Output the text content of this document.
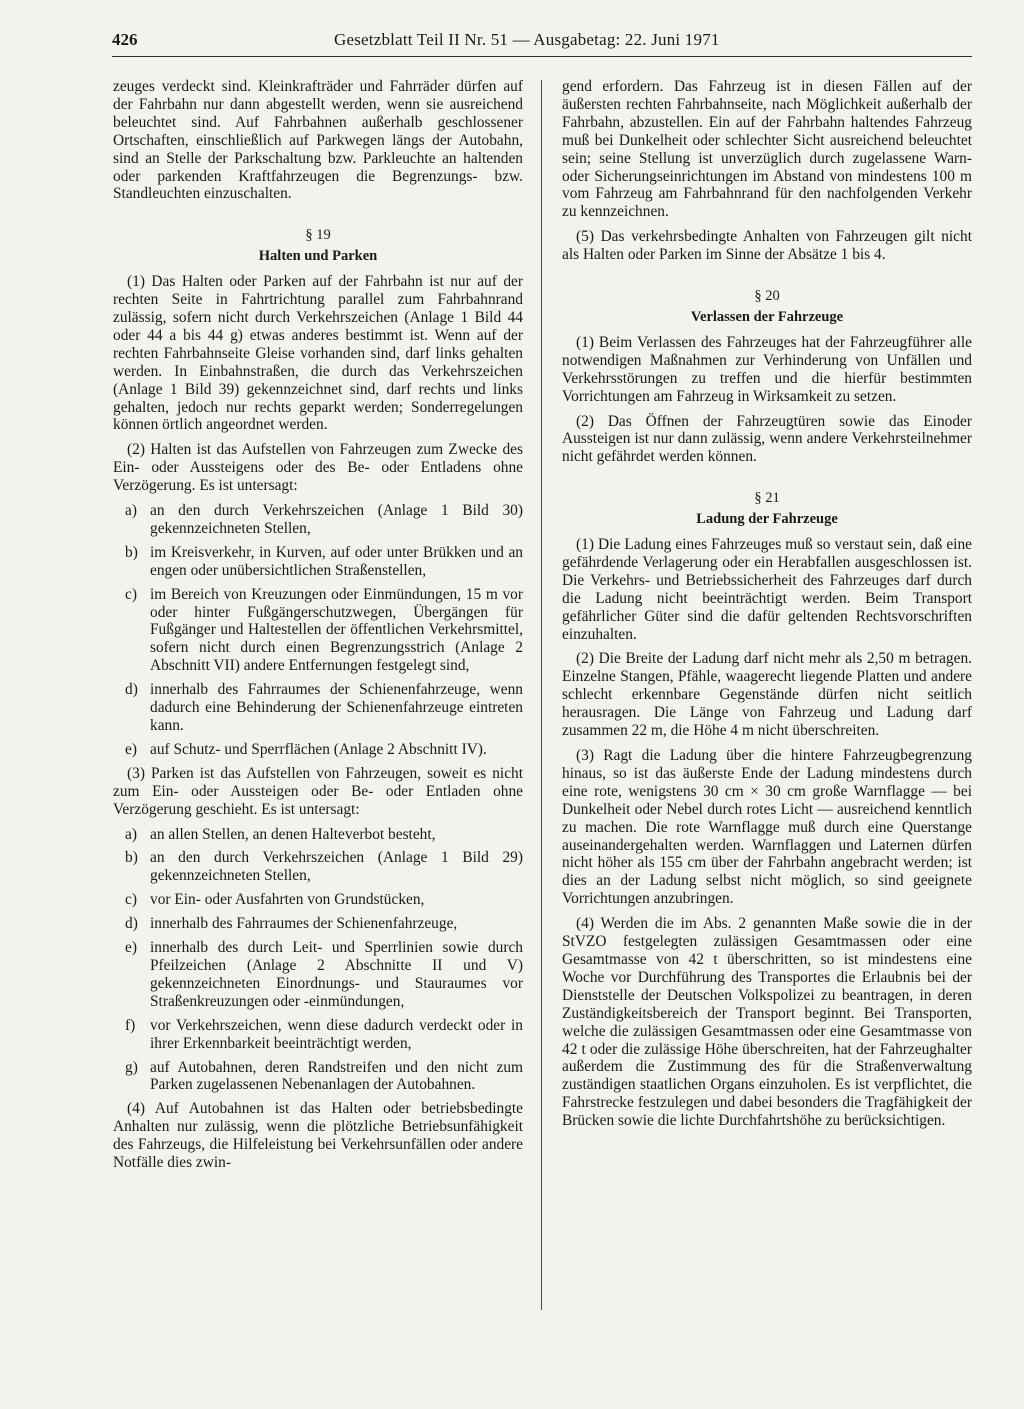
426	Gesetzblatt Teil II Nr. 51 — Ausgabetag: 22. Juni 1971

zeuges verdeckt sind. Kleinkrafträder und Fahrräder dürfen auf der Fahrbahn nur dann abgestellt werden, wenn sie ausreichend beleuchtet sind. Auf Fahrbahnen außerhalb geschlossener Ortschaften, einschließlich auf Parkwegen längs der Autobahn, sind an Stelle der Parkschaltung bzw. Parkleuchte an haltenden oder parkenden Kraftfahrzeugen die Begrenzungs- bzw. Standleuchten einzuschalten.

§ 19
Halten und Parken

(1) Das Halten oder Parken auf der Fahrbahn ist nur auf der rechten Seite in Fahrtrichtung parallel zum Fahrbahnrand zulässig, sofern nicht durch Verkehrszeichen (Anlage 1 Bild 44 oder 44 a bis 44 g) etwas anderes bestimmt ist. Wenn auf der rechten Fahrbahnseite Gleise vorhanden sind, darf links gehalten werden. In Einbahnstraßen, die durch das Verkehrszeichen (Anlage 1 Bild 39) gekennzeichnet sind, darf rechts und links gehalten, jedoch nur rechts geparkt werden; Sonderregelungen können örtlich angeordnet werden.

(2) Halten ist das Aufstellen von Fahrzeugen zum Zwecke des Ein- oder Aussteigens oder des Be- oder Entladens ohne Verzögerung. Es ist untersagt:

a) an den durch Verkehrszeichen (Anlage 1 Bild 30) gekennzeichneten Stellen,
b) im Kreisverkehr, in Kurven, auf oder unter Brükken und an engen oder unübersichtlichen Straßenstellen,
c) im Bereich von Kreuzungen oder Einmündungen, 15 m vor oder hinter Fußgängerschutzwegen, Übergängen für Fußgänger und Haltestellen der öffentlichen Verkehrsmittel, sofern nicht durch einen Begrenzungsstrich (Anlage 2 Abschnitt VII) andere Entfernungen festgelegt sind,
d) innerhalb des Fahrraumes der Schienenfahrzeuge, wenn dadurch eine Behinderung der Schienenfahrzeuge eintreten kann.
e) auf Schutz- und Sperrflächen (Anlage 2 Abschnitt IV).

(3) Parken ist das Aufstellen von Fahrzeugen, soweit es nicht zum Ein- oder Aussteigen oder Be- oder Entladen ohne Verzögerung geschieht. Es ist untersagt:

a) an allen Stellen, an denen Halteverbot besteht,
b) an den durch Verkehrszeichen (Anlage 1 Bild 29) gekennzeichneten Stellen,
c) vor Ein- oder Ausfahrten von Grundstücken,
d) innerhalb des Fahrraumes der Schienenfahrzeuge,
e) innerhalb des durch Leit- und Sperrlinien sowie durch Pfeilzeichen (Anlage 2 Abschnitte II und V) gekennzeichneten Einordnungs- und Stauraumes vor Straßenkreuzungen oder -einmündungen,
f) vor Verkehrszeichen, wenn diese dadurch verdeckt oder in ihrer Erkennbarkeit beeinträchtigt werden,
g) auf Autobahnen, deren Randstreifen und den nicht zum Parken zugelassenen Nebenanlagen der Autobahnen.

(4) Auf Autobahnen ist das Halten oder betriebsbedingte Anhalten nur zulässig, wenn die plötzliche Betriebsunfähigkeit des Fahrzeugs, die Hilfeleistung bei Verkehrsunfällen oder andere Notfälle dies zwin-

gend erfordern. Das Fahrzeug ist in diesen Fällen auf der äußersten rechten Fahrbahnseite, nach Möglichkeit außerhalb der Fahrbahn, abzustellen. Ein auf der Fahrbahn haltendes Fahrzeug muß bei Dunkelheit oder schlechter Sicht ausreichend beleuchtet sein; seine Stellung ist unverzüglich durch zugelassene Warn- oder Sicherungseinrichtungen im Abstand von mindestens 100 m vom Fahrzeug am Fahrbahnrand für den nachfolgenden Verkehr zu kennzeichnen.

(5) Das verkehrsbedingte Anhalten von Fahrzeugen gilt nicht als Halten oder Parken im Sinne der Absätze 1 bis 4.

§ 20
Verlassen der Fahrzeuge

(1) Beim Verlassen des Fahrzeuges hat der Fahrzeugführer alle notwendigen Maßnahmen zur Verhinderung von Unfällen und Verkehrsstörungen zu treffen und die hierfür bestimmten Vorrichtungen am Fahrzeug in Wirksamkeit zu setzen.

(2) Das Öffnen der Fahrzeugtüren sowie das Einoder Aussteigen ist nur dann zulässig, wenn andere Verkehrsteilnehmer nicht gefährdet werden können.

§ 21
Ladung der Fahrzeuge

(1) Die Ladung eines Fahrzeuges muß so verstaut sein, daß eine gefährdende Verlagerung oder ein Herabfallen ausgeschlossen ist. Die Verkehrs- und Betriebssicherheit des Fahrzeuges darf durch die Ladung nicht beeinträchtigt werden. Beim Transport gefährlicher Güter sind die dafür geltenden Rechtsvorschriften einzuhalten.

(2) Die Breite der Ladung darf nicht mehr als 2,50 m betragen. Einzelne Stangen, Pfähle, waagerecht liegende Platten und andere schlecht erkennbare Gegenstände dürfen nicht seitlich herausragen. Die Länge von Fahrzeug und Ladung darf zusammen 22 m, die Höhe 4 m nicht überschreiten.

(3) Ragt die Ladung über die hintere Fahrzeugbegrenzung hinaus, so ist das äußerste Ende der Ladung mindestens durch eine rote, wenigstens 30 cm × 30 cm große Warnflagge — bei Dunkelheit oder Nebel durch rotes Licht — ausreichend kenntlich zu machen. Die rote Warnflagge muß durch eine Querstange auseinandergehalten werden. Warnflaggen und Laternen dürfen nicht höher als 155 cm über der Fahrbahn angebracht werden; ist dies an der Ladung selbst nicht möglich, so sind geeignete Vorrichtungen anzubringen.

(4) Werden die im Abs. 2 genannten Maße sowie die in der StVZO festgelegten zulässigen Gesamtmassen oder eine Gesamtmasse von 42 t überschritten, so ist mindestens eine Woche vor Durchführung des Transportes die Erlaubnis bei der Dienststelle der Deutschen Volkspolizei zu beantragen, in deren Zuständigkeitsbereich der Transport beginnt. Bei Transporten, welche die zulässigen Gesamtmassen oder eine Gesamtmasse von 42 t oder die zulässige Höhe überschreiten, hat der Fahrzeughalter außerdem die Zustimmung des für die Straßenverwaltung zuständigen staatlichen Organs einzuholen. Es ist verpflichtet, die Fahrstrecke festzulegen und dabei besonders die Tragfähigkeit der Brücken sowie die lichte Durchfahrtshöhe zu berücksichtigen.
